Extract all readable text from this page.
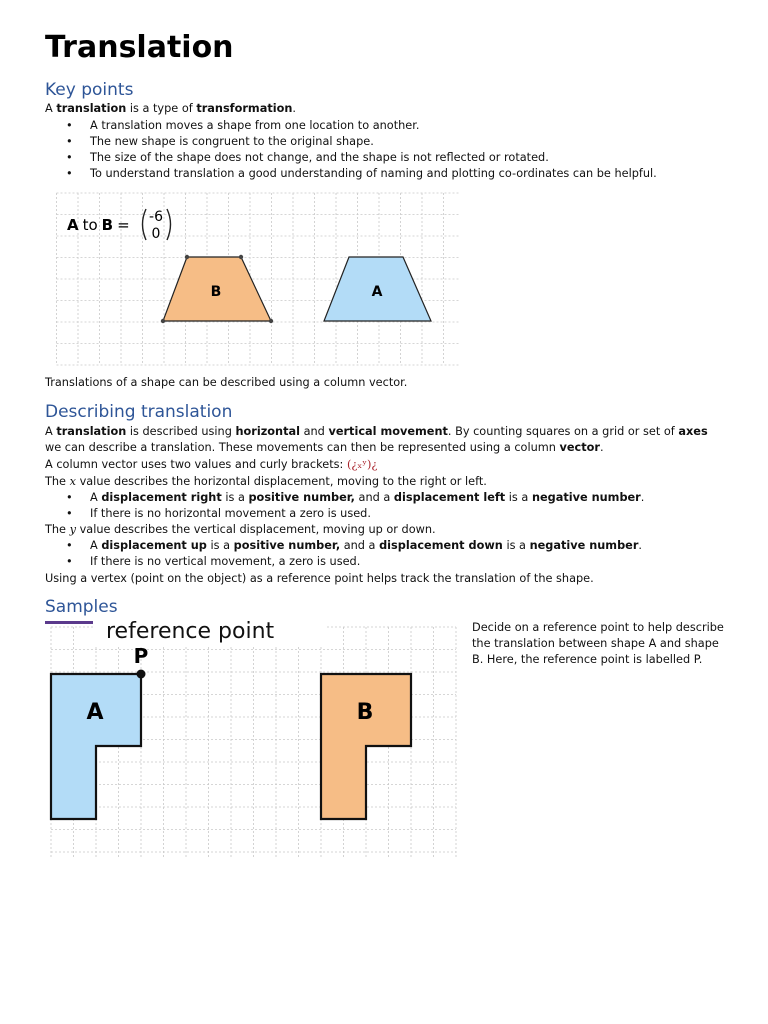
Translation
Key points
A translation is a type of transformation.
• A translation moves a shape from one location to another.
• The new shape is congruent to the original shape.
• The size of the shape does not change, and the shape is not reflected or rotated.
• To understand translation a good understanding of naming and plotting co-ordinates can be helpful.
A to B = -6
0
B	A
Translations of a shape can be described using a column vector.
Describing translation
A translation is described using horizontal and vertical movement. By counting squares on a grid or set of axes
we can describe a translation. These movements can then be represented using a column vector.
A column vector uses two values and curly brackets: (¿ₓʸ)¿
The x value describes the horizontal displacement, moving to the right or left.
• A displacement right is a positive number, and a displacement left is a negative number.
• If there is no horizontal movement a zero is used.
The y value describes the vertical displacement, moving up or down.
• A displacement up is a positive number, and a displacement down is a negative number.
• If there is no vertical movement, a zero is used.
Using a vertex (point on the object) as a reference point helps track the translation of the shape.
Samples
reference point
P
A	B
Decide on a reference point to help describe the translation between shape A and shape B. Here, the reference point is labelled P.
